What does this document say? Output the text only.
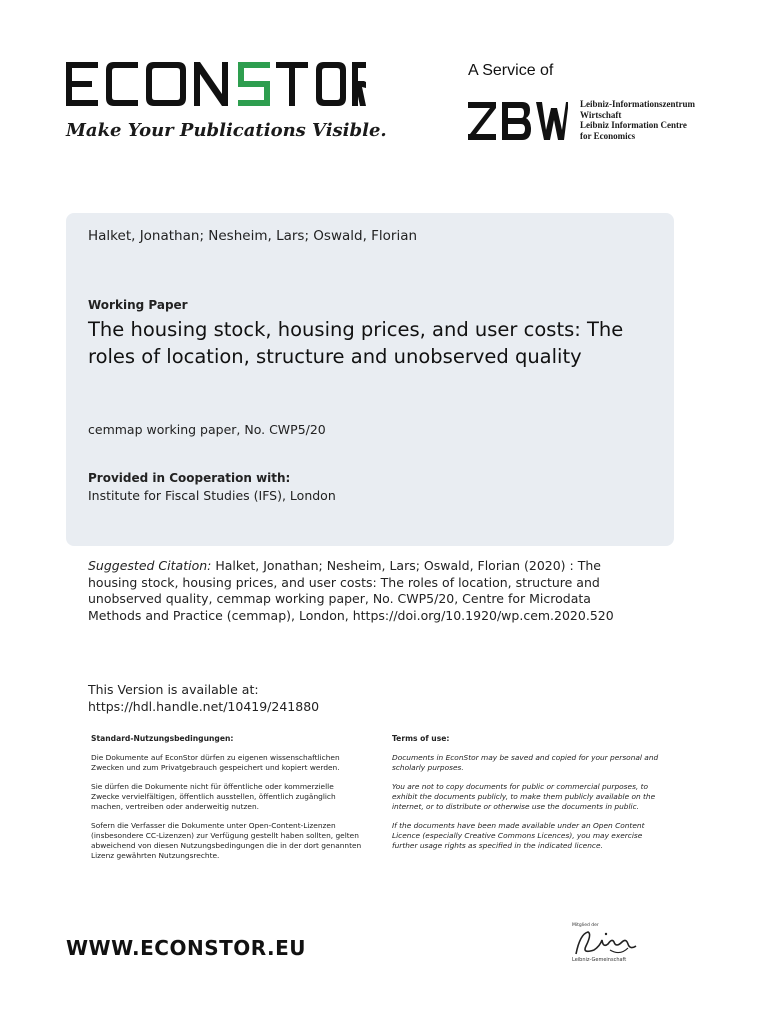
Make Your Publications Visible.
A Service of
Leibniz-Informationszentrum
Wirtschaft
Leibniz Information Centre
for Economics
Halket, Jonathan; Nesheim, Lars; Oswald, Florian
Working Paper
The housing stock, housing prices, and user costs: The roles of location, structure and unobserved quality
cemmap working paper, No. CWP5/20
Provided in Cooperation with:
Institute for Fiscal Studies (IFS), London
Suggested Citation: Halket, Jonathan; Nesheim, Lars; Oswald, Florian (2020) : The housing stock, housing prices, and user costs: The roles of location, structure and unobserved quality, cemmap working paper, No. CWP5/20, Centre for Microdata Methods and Practice (cemmap), London, https://doi.org/10.1920/wp.cem.2020.520
This Version is available at:
https://hdl.handle.net/10419/241880
Standard-Nutzungsbedingungen:

Die Dokumente auf EconStor dürfen zu eigenen wissenschaftlichen Zwecken und zum Privatgebrauch gespeichert und kopiert werden.

Sie dürfen die Dokumente nicht für öffentliche oder kommerzielle Zwecke vervielfältigen, öffentlich ausstellen, öffentlich zugänglich machen, vertreiben oder anderweitig nutzen.

Sofern die Verfasser die Dokumente unter Open-Content-Lizenzen (insbesondere CC-Lizenzen) zur Verfügung gestellt haben sollten, gelten abweichend von diesen Nutzungsbedingungen die in der dort genannten Lizenz gewährten Nutzungsrechte.

Terms of use:

Documents in EconStor may be saved and copied for your personal and scholarly purposes.

You are not to copy documents for public or commercial purposes, to exhibit the documents publicly, to make them publicly available on the internet, or to distribute or otherwise use the documents in public.

If the documents have been made available under an Open Content Licence (especially Creative Commons Licences), you may exercise further usage rights as specified in the indicated licence.

WWW.ECONSTOR.EU
Mitglied der
Leibniz-Gemeinschaft
